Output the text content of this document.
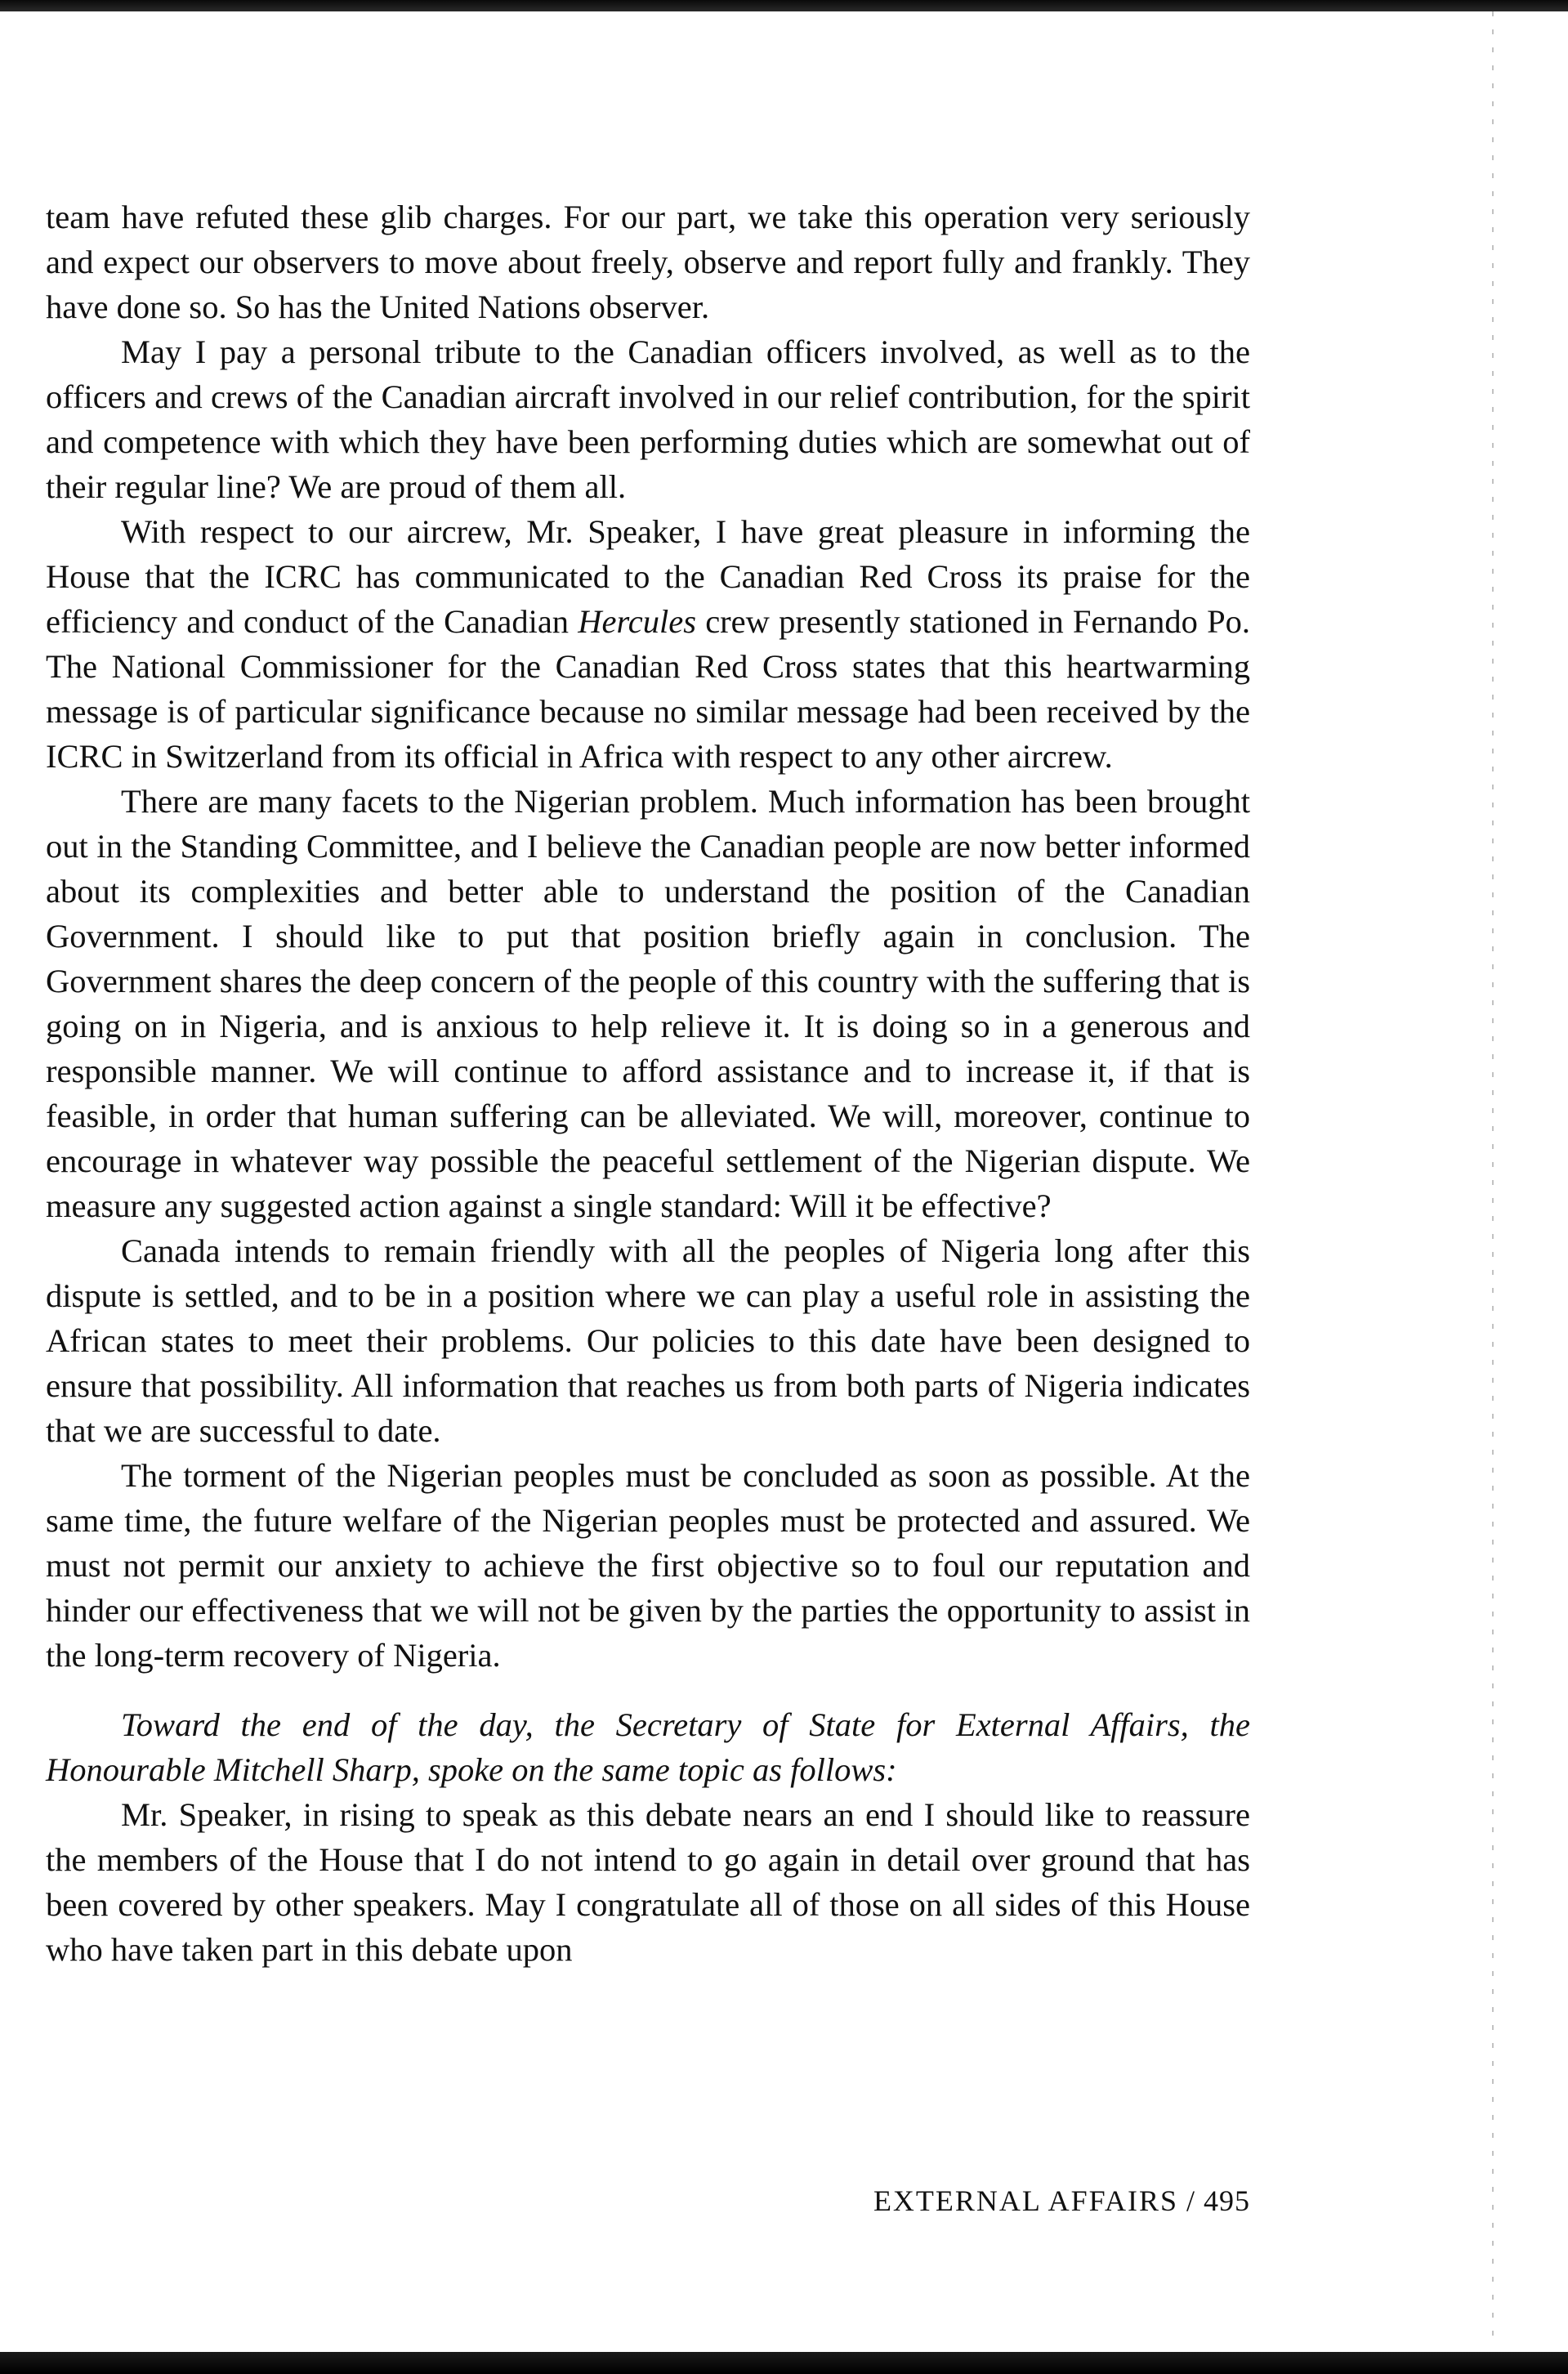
team have refuted these glib charges. For our part, we take this operation very seriously and expect our observers to move about freely, observe and report fully and frankly. They have done so. So has the United Nations observer.

May I pay a personal tribute to the Canadian officers involved, as well as to the officers and crews of the Canadian aircraft involved in our relief contribution, for the spirit and competence with which they have been performing duties which are somewhat out of their regular line? We are proud of them all.

With respect to our aircrew, Mr. Speaker, I have great pleasure in informing the House that the ICRC has communicated to the Canadian Red Cross its praise for the efficiency and conduct of the Canadian Hercules crew presently stationed in Fernando Po. The National Commissioner for the Canadian Red Cross states that this heartwarming message is of particular significance because no similar message had been received by the ICRC in Switzerland from its official in Africa with respect to any other aircrew.

There are many facets to the Nigerian problem. Much information has been brought out in the Standing Committee, and I believe the Canadian people are now better informed about its complexities and better able to understand the position of the Canadian Government. I should like to put that position briefly again in conclusion. The Government shares the deep concern of the people of this country with the suffering that is going on in Nigeria, and is anxious to help relieve it. It is doing so in a generous and responsible manner. We will continue to afford assistance and to increase it, if that is feasible, in order that human suffering can be alleviated. We will, moreover, continue to encourage in whatever way possible the peaceful settlement of the Nigerian dispute. We measure any suggested action against a single standard: Will it be effective?

Canada intends to remain friendly with all the peoples of Nigeria long after this dispute is settled, and to be in a position where we can play a useful role in assisting the African states to meet their problems. Our policies to this date have been designed to ensure that possibility. All information that reaches us from both parts of Nigeria indicates that we are successful to date.

The torment of the Nigerian peoples must be concluded as soon as possible. At the same time, the future welfare of the Nigerian peoples must be protected and assured. We must not permit our anxiety to achieve the first objective so to foul our reputation and hinder our effectiveness that we will not be given by the parties the opportunity to assist in the long-term recovery of Nigeria.

Toward the end of the day, the Secretary of State for External Affairs, the Honourable Mitchell Sharp, spoke on the same topic as follows:

Mr. Speaker, in rising to speak as this debate nears an end I should like to reassure the members of the House that I do not intend to go again in detail over ground that has been covered by other speakers. May I congratulate all of those on all sides of this House who have taken part in this debate upon

EXTERNAL AFFAIRS / 495
